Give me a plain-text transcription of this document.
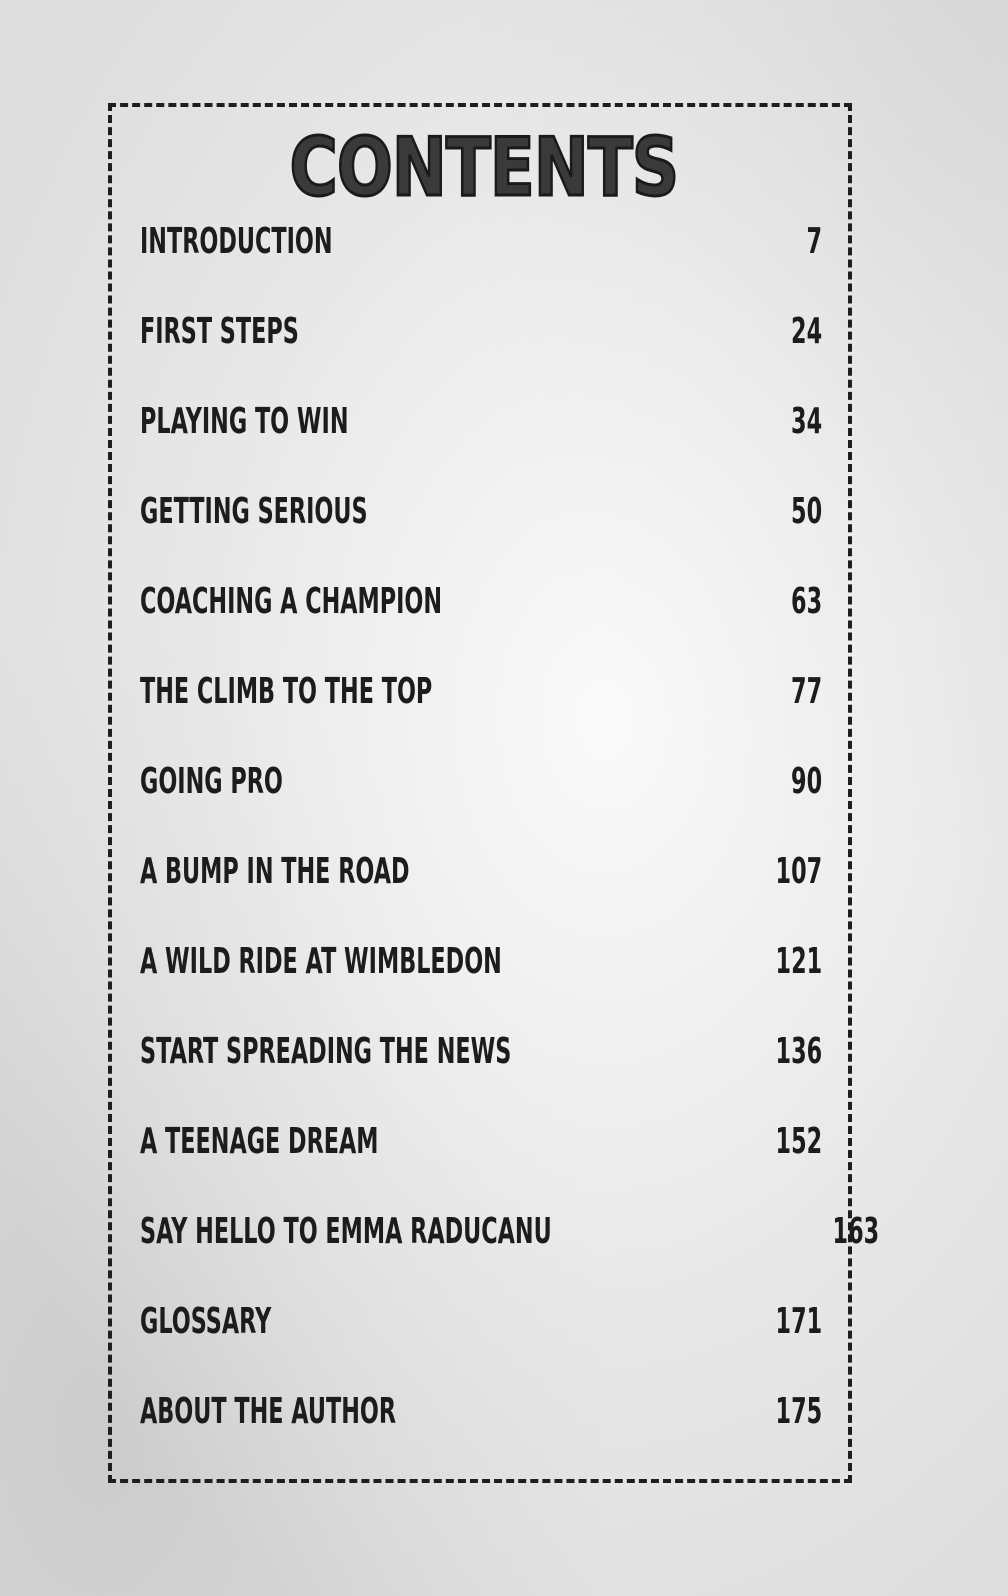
CONTENTS
INTRODUCTION	7
FIRST STEPS	24
PLAYING TO WIN	34
GETTING SERIOUS	50
COACHING A CHAMPION	63
THE CLIMB TO THE TOP	77
GOING PRO	90
A BUMP IN THE ROAD	107
A WILD RIDE AT WIMBLEDON	121
START SPREADING THE NEWS	136
A TEENAGE DREAM	152
SAY HELLO TO EMMA RADUCANU	163
GLOSSARY	171
ABOUT THE AUTHOR	175
